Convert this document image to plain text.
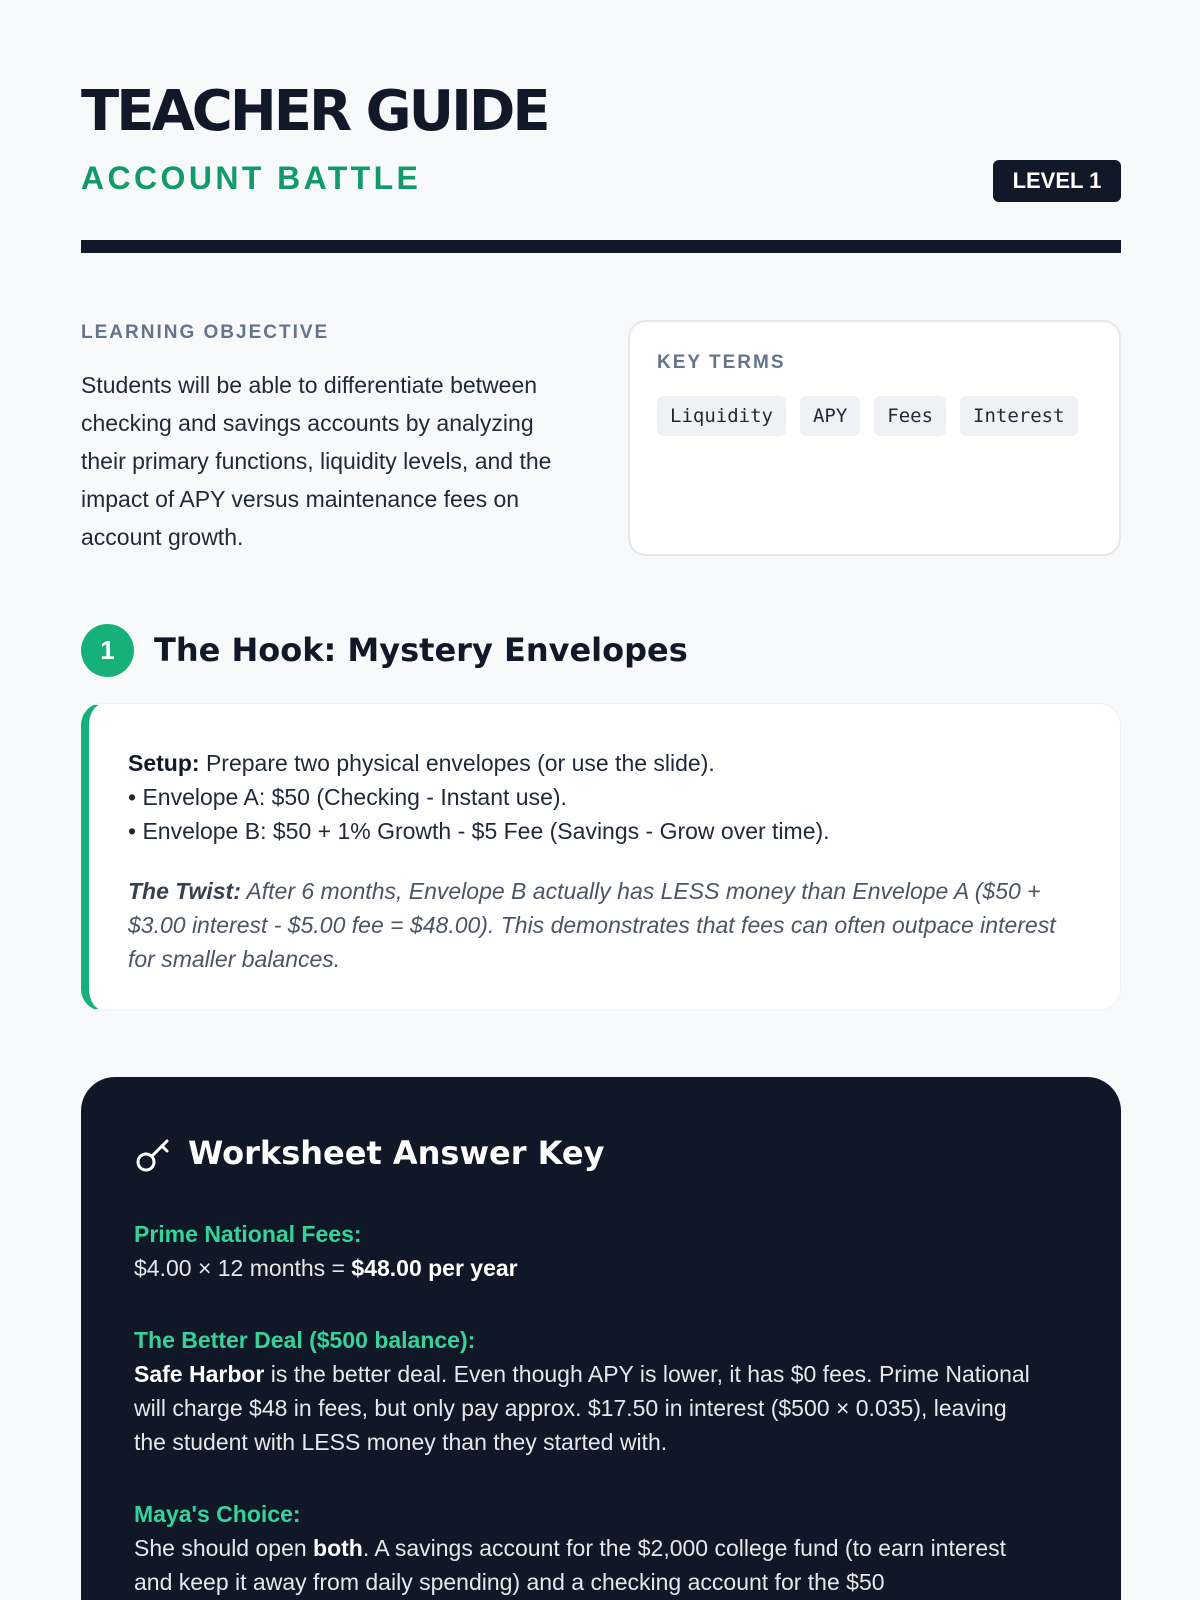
TEACHER GUIDE
ACCOUNT BATTLE	LEVEL 1
LEARNING OBJECTIVE
Students will be able to differentiate between checking and savings accounts by analyzing their primary functions, liquidity levels, and the impact of APY versus maintenance fees on account growth.
KEY TERMS
Liquidity	APY	Fees	Interest
1	The Hook: Mystery Envelopes
Setup: Prepare two physical envelopes (or use the slide).
• Envelope A: $50 (Checking - Instant use).
• Envelope B: $50 + 1% Growth - $5 Fee (Savings - Grow over time).
The Twist: After 6 months, Envelope B actually has LESS money than Envelope A ($50 + $3.00 interest - $5.00 fee = $48.00). This demonstrates that fees can often outpace interest for smaller balances.
Worksheet Answer Key
Prime National Fees:
$4.00 × 12 months = $48.00 per year
The Better Deal ($500 balance):
Safe Harbor is the better deal. Even though APY is lower, it has $0 fees. Prime National will charge $48 in fees, but only pay approx. $17.50 in interest ($500 × 0.035), leaving the student with LESS money than they started with.
Maya's Choice:
She should open both. A savings account for the $2,000 college fund (to earn interest and keep it away from daily spending) and a checking account for the $50
